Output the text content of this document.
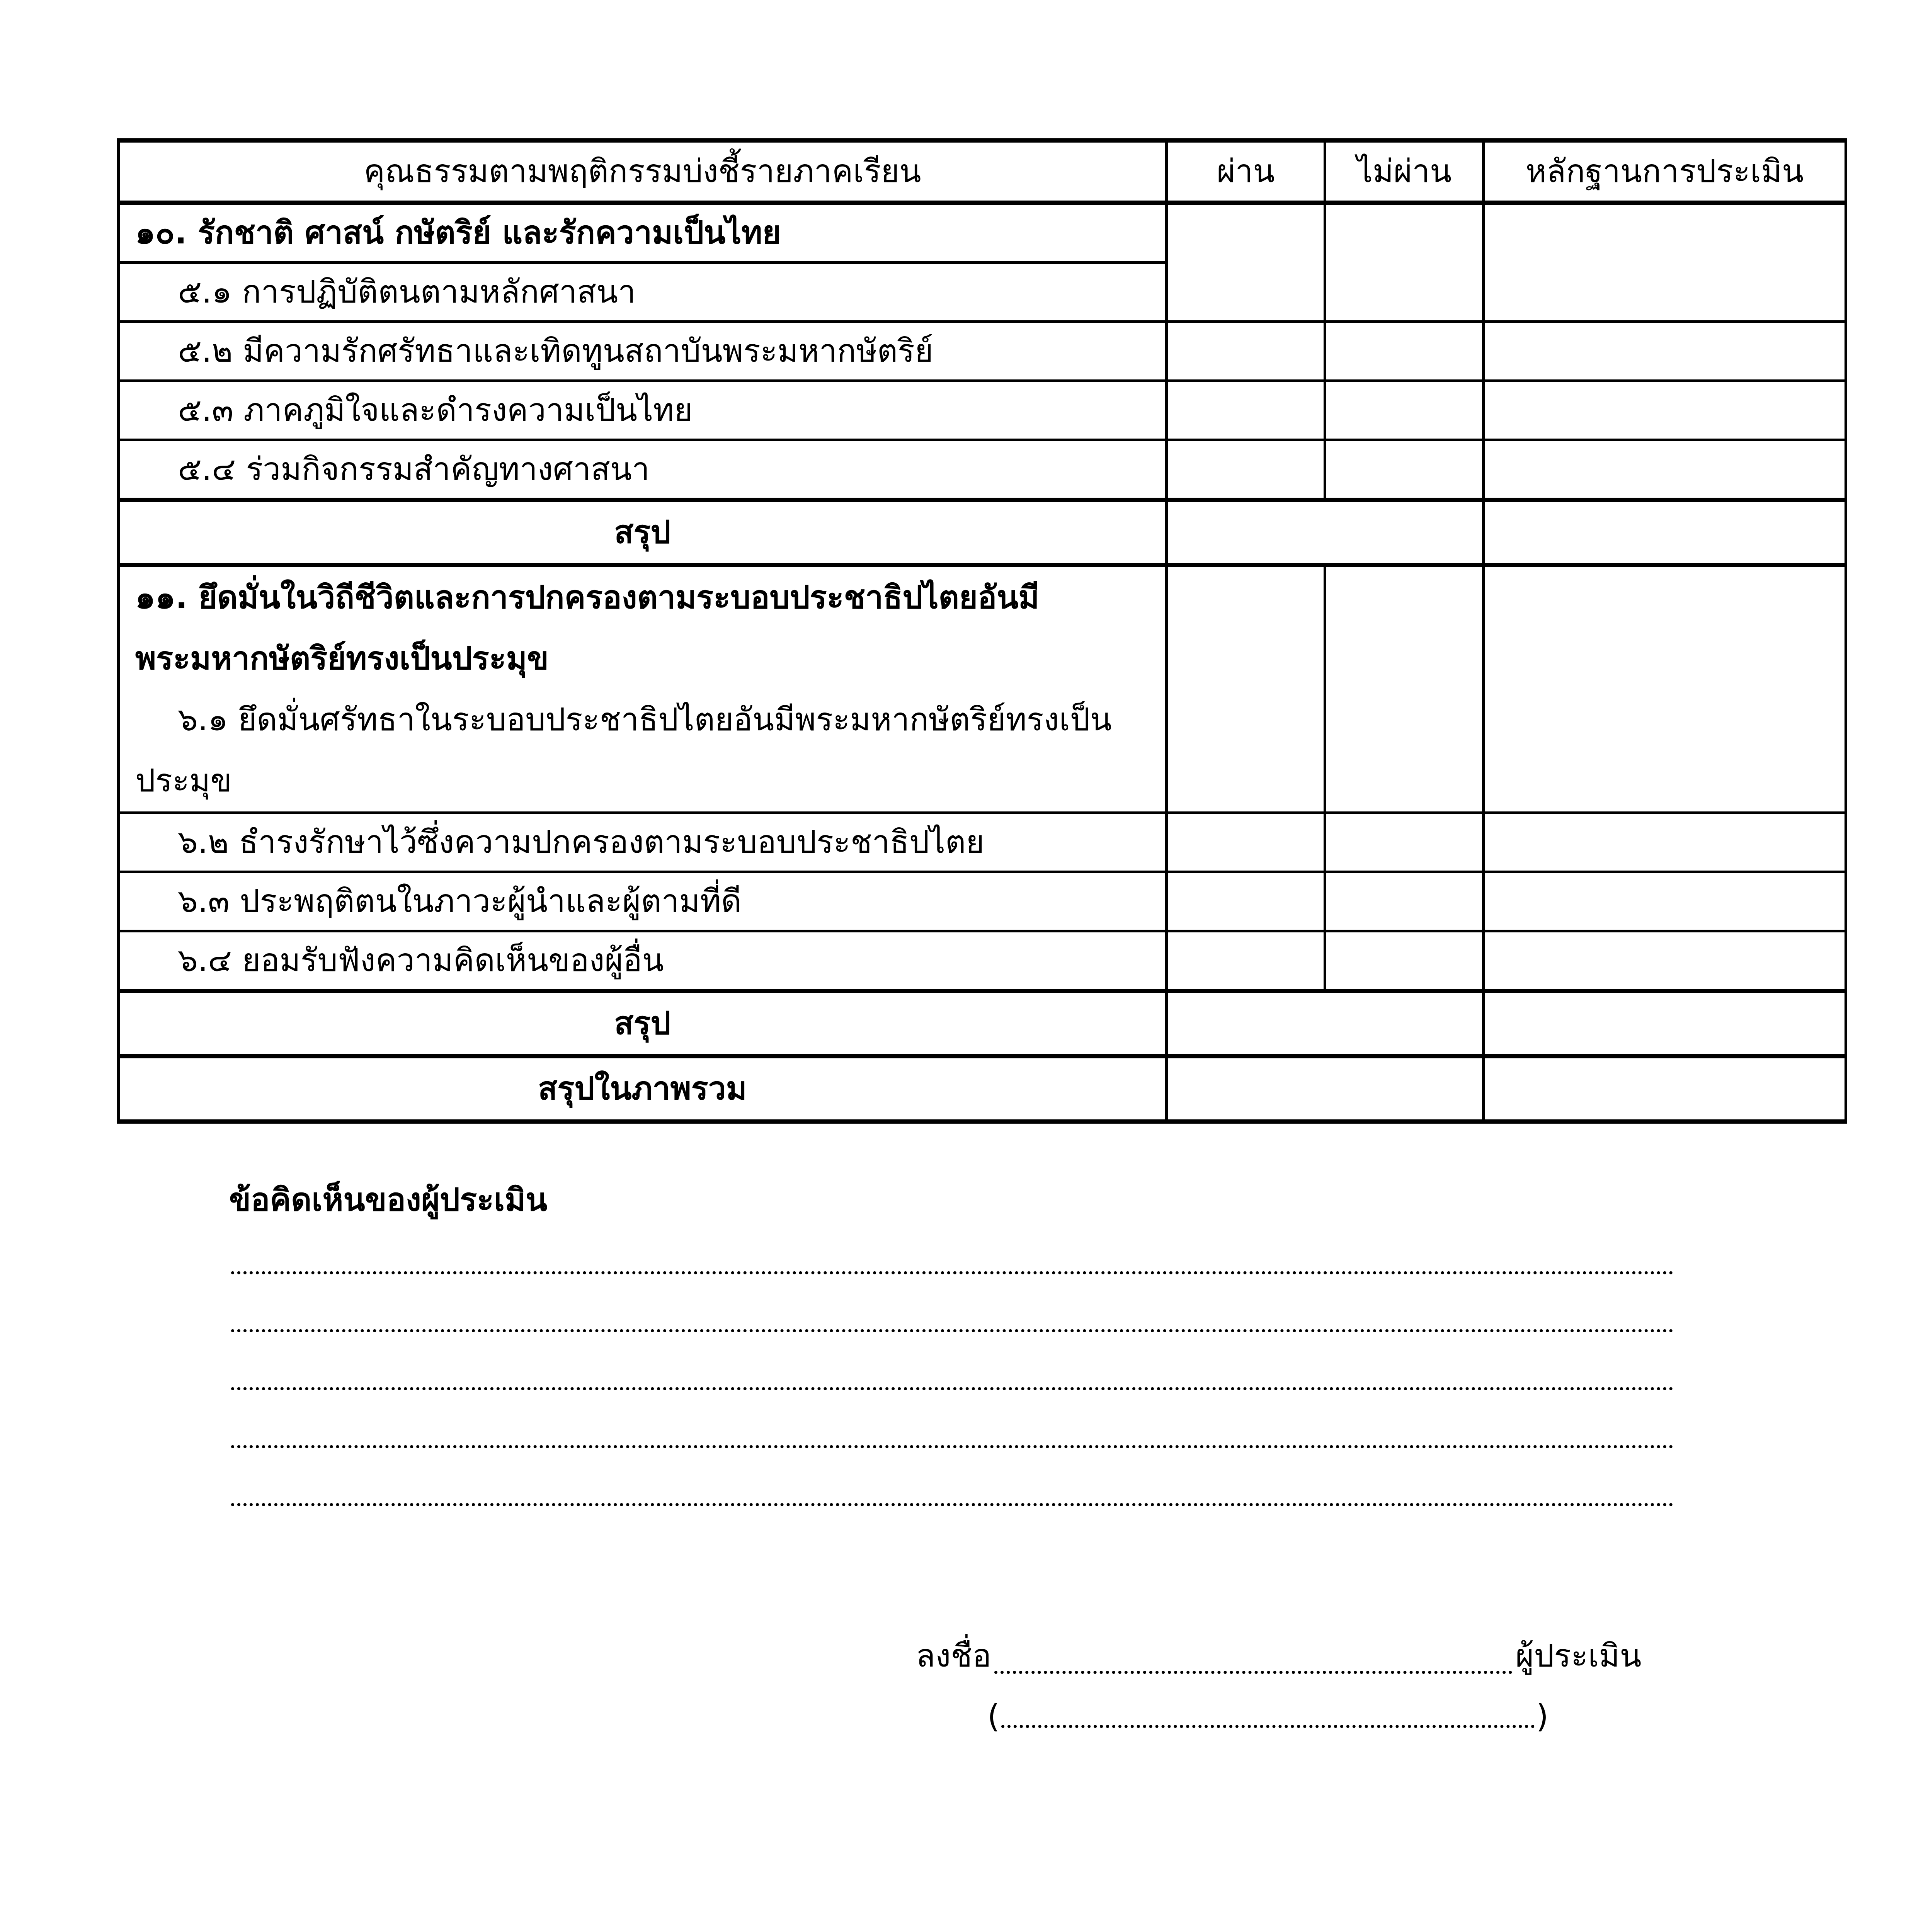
คุณธรรมตามพฤติกรรมบ่งชี้รายภาคเรียน	ผ่าน	ไม่ผ่าน	หลักฐานการประเมิน
๑๐. รักชาติ ศาสน์ กษัตริย์ และรักความเป็นไทย			
๕.๑ การปฏิบัติตนตามหลักศาสนา			
๕.๒ มีความรักศรัทธาและเทิดทูนสถาบันพระมหากษัตริย์			
๕.๓ ภาคภูมิใจและดำรงความเป็นไทย			
๕.๔ ร่วมกิจกรรมสำคัญทางศาสนา			
สรุป			

๑๑. ยึดมั่นในวิถีชีวิตและการปกครองตามระบอบประชาธิปไตยอันมี
พระมหากษัตริย์ทรงเป็นประมุข
๖.๑ ยึดมั่นศรัทธาในระบอบประชาธิปไตยอันมีพระมหากษัตริย์ทรงเป็น
ประมุข			

๖.๒ ธำรงรักษาไว้ซึ่งความปกครองตามระบอบประชาธิปไตย			
๖.๓ ประพฤติตนในภาวะผู้นำและผู้ตามที่ดี			
๖.๔ ยอมรับฟังความคิดเห็นของผู้อื่น			
สรุป			
สรุปในภาพรวม			
ข้อคิดเห็นของผู้ประเมิน
ลงชื่อ	ผู้ประเมิน
(	)
